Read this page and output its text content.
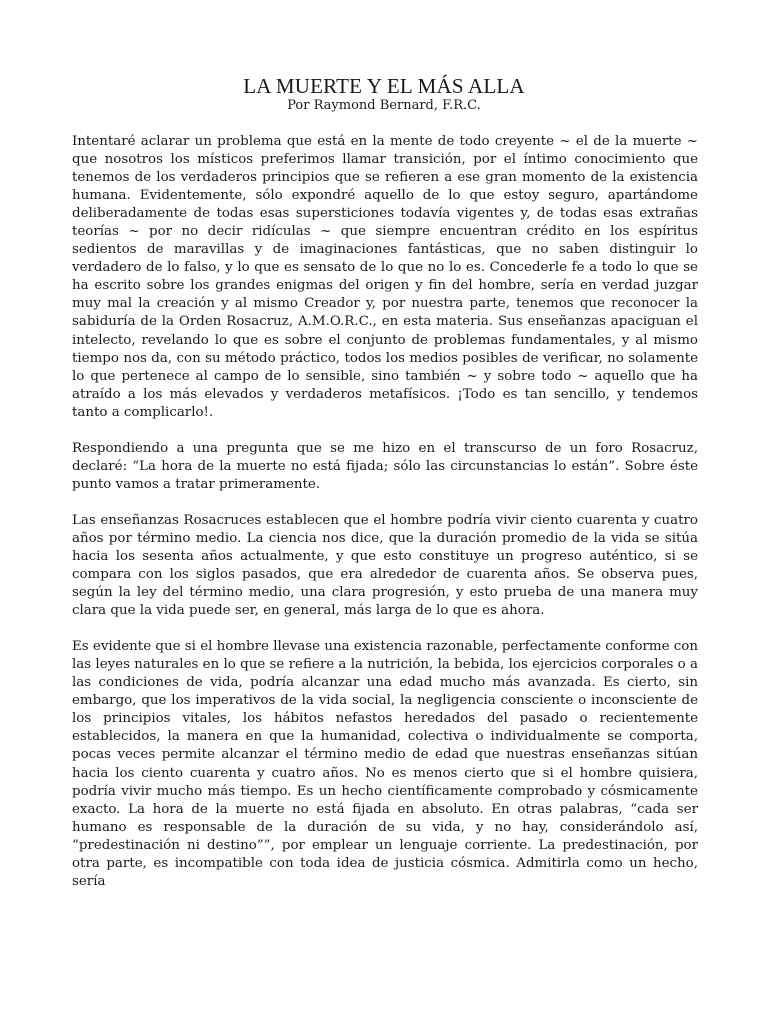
LA MUERTE Y EL MÁS ALLA

Por Raymond Bernard, F.R.C.

Intentaré aclarar un problema que está en la mente de todo creyente ~ el de la muerte ~ que nosotros los místicos preferimos llamar transición, por el íntimo conocimiento que tenemos de los verdaderos principios que se refieren a ese gran momento de la existencia humana. Evidentemente, sólo expondré aquello de lo que estoy seguro, apartándome deliberadamente de todas esas supersticiones todavía vigentes y, de todas esas extrañas teorías ~ por no decir ridículas ~ que siempre encuentran crédito en los espíritus sedientos de maravillas y de imaginaciones fantásticas, que no saben distinguir lo verdadero de lo falso, y lo que es sensato de lo que no lo es. Concederle fe a todo lo que se ha escrito sobre los grandes enigmas del origen y fin del hombre, sería en verdad juzgar muy mal la creación y al mismo Creador y, por nuestra parte, tenemos que reconocer la sabiduría de la Orden Rosacruz, A.M.O.R.C., en esta materia. Sus enseñanzas apaciguan el intelecto, revelando lo que es sobre el conjunto de problemas fundamentales, y al mismo tiempo nos da, con su método práctico, todos los medios posibles de verificar, no solamente lo que pertenece al campo de lo sensible, sino también ~ y sobre todo ~ aquello que ha atraído a los más elevados y verdaderos metafísicos. ¡Todo es tan sencillo, y tendemos tanto a complicarlo!.

Respondiendo a una pregunta que se me hizo en el transcurso de un foro Rosacruz, declaré: “La hora de la muerte no está fijada; sólo las circunstancias lo están”. Sobre éste punto vamos a tratar primeramente.

Las enseñanzas Rosacruces establecen que el hombre podría vivir ciento cuarenta y cuatro años por término medio. La ciencia nos dice, que la duración promedio de la vida se sitúa hacia los sesenta años actualmente, y que esto constituye un progreso auténtico, si se compara con los siglos pasados, que era alrededor de cuarenta años. Se observa pues, según la ley del término medio, una clara progresión, y esto prueba de una manera muy clara que la vida puede ser, en general, más larga de lo que es ahora.

Es evidente que si el hombre llevase una existencia razonable, perfectamente conforme con las leyes naturales en lo que se refiere a la nutrición, la bebida, los ejercicios corporales o a las condiciones de vida, podría alcanzar una edad mucho más avanzada. Es cierto, sin embargo, que los imperativos de la vida social, la negligencia consciente o inconsciente de los principios vitales, los hábitos nefastos heredados del pasado o recientemente establecidos, la manera en que la humanidad, colectiva o individualmente se comporta, pocas veces permite alcanzar el término medio de edad que nuestras enseñanzas sitúan hacia los ciento cuarenta y cuatro años. No es menos cierto que si el hombre quisiera, podría vivir mucho más tiempo. Es un hecho científicamente comprobado y cósmicamente exacto. La hora de la muerte no está fijada en absoluto. En otras palabras, “cada ser humano es responsable de la duración de su vida, y no hay, considerándolo así, “predestinación ni destino””, por emplear un lenguaje corriente. La predestinación, por otra parte, es incompatible con toda idea de justicia cósmica. Admitirla como un hecho, sería
